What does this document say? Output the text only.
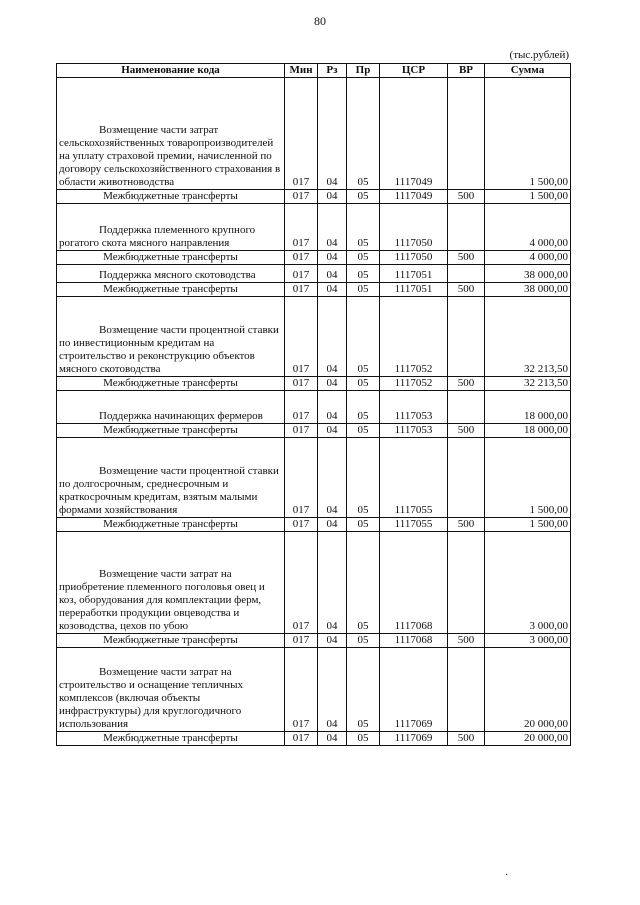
80
(тыс.рублей)
Наименование кода	Мин	Рз	Пр	ЦСР	ВР	Сумма

Возмещение части затрат сельскохозяйственных товаропроизводителей на уплату страховой премии, начисленной по договору сельскохозяйственного страхования в области животноводства	017	04	05	1117049		1 500,00
Межбюджетные трансферты	017	04	05	1117049	500	1 500,00

Поддержка племенного крупного рогатого скота мясного направления	017	04	05	1117050		4 000,00
Межбюджетные трансферты	017	04	05	1117050	500	4 000,00

Поддержка мясного скотоводства	017	04	05	1117051		38 000,00
Межбюджетные трансферты	017	04	05	1117051	500	38 000,00

Возмещение части процентной ставки по инвестиционным кредитам на строительство и реконструкцию объектов мясного скотоводства	017	04	05	1117052		32 213,50
Межбюджетные трансферты	017	04	05	1117052	500	32 213,50

Поддержка начинающих фермеров	017	04	05	1117053		18 000,00
Межбюджетные трансферты	017	04	05	1117053	500	18 000,00

Возмещение части процентной ставки по долгосрочным, среднесрочным и краткосрочным кредитам, взятым малыми формами хозяйствования	017	04	05	1117055		1 500,00
Межбюджетные трансферты	017	04	05	1117055	500	1 500,00

Возмещение части затрат на приобретение племенного поголовья овец и коз, оборудования для комплектации ферм, переработки продукции овцеводства и козоводства, цехов по убою	017	04	05	1117068		3 000,00
Межбюджетные трансферты	017	04	05	1117068	500	3 000,00

Возмещение части затрат на строительство и оснащение тепличных комплексов (включая объекты инфраструктуры) для круглогодичного использования	017	04	05	1117069		20 000,00
Межбюджетные трансферты	017	04	05	1117069	500	20 000,00
·
